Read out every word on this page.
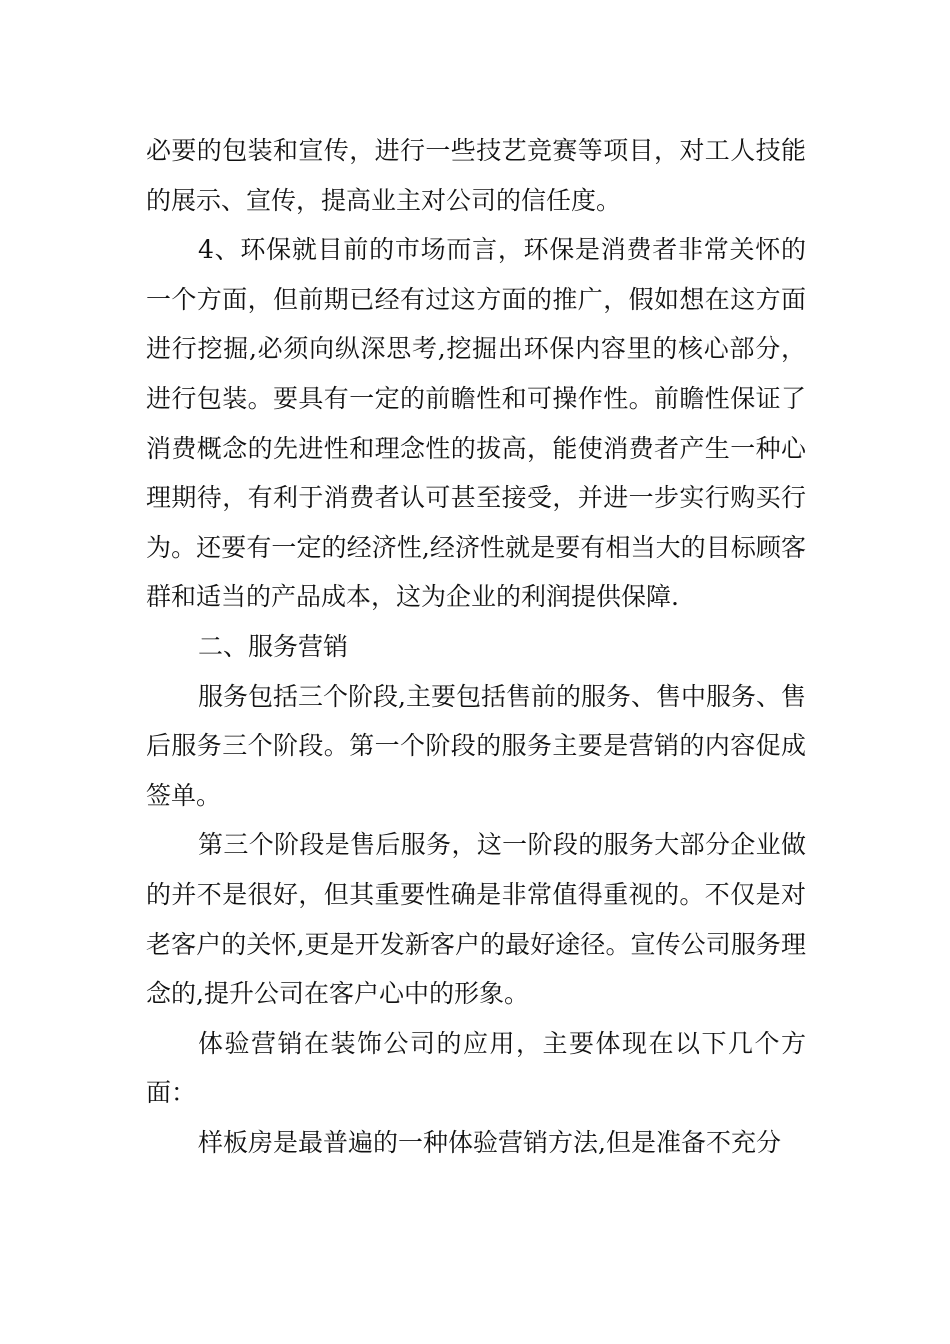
必要的包装和宣传，进行一些技艺竞赛等项目，对工人技能的展示、宣传，提高业主对公司的信任度。

4、环保就目前的市场而言，环保是消费者非常关怀的一个方面，但前期已经有过这方面的推广，假如想在这方面进行挖掘,必须向纵深思考,挖掘出环保内容里的核心部分，进行包装。要具有一定的前瞻性和可操作性。前瞻性保证了消费概念的先进性和理念性的拔高，能使消费者产生一种心理期待，有利于消费者认可甚至接受，并进一步实行购买行为。还要有一定的经济性,经济性就是要有相当大的目标顾客群和适当的产品成本，这为企业的利润提供保障.

二、服务营销

服务包括三个阶段,主要包括售前的服务、售中服务、售后服务三个阶段。第一个阶段的服务主要是营销的内容促成签单。

第三个阶段是售后服务，这一阶段的服务大部分企业做的并不是很好，但其重要性确是非常值得重视的。不仅是对老客户的关怀,更是开发新客户的最好途径。宣传公司服务理念的,提升公司在客户心中的形象。

体验营销在装饰公司的应用，主要体现在以下几个方面：

样板房是最普遍的一种体验营销方法,但是准备不充分
